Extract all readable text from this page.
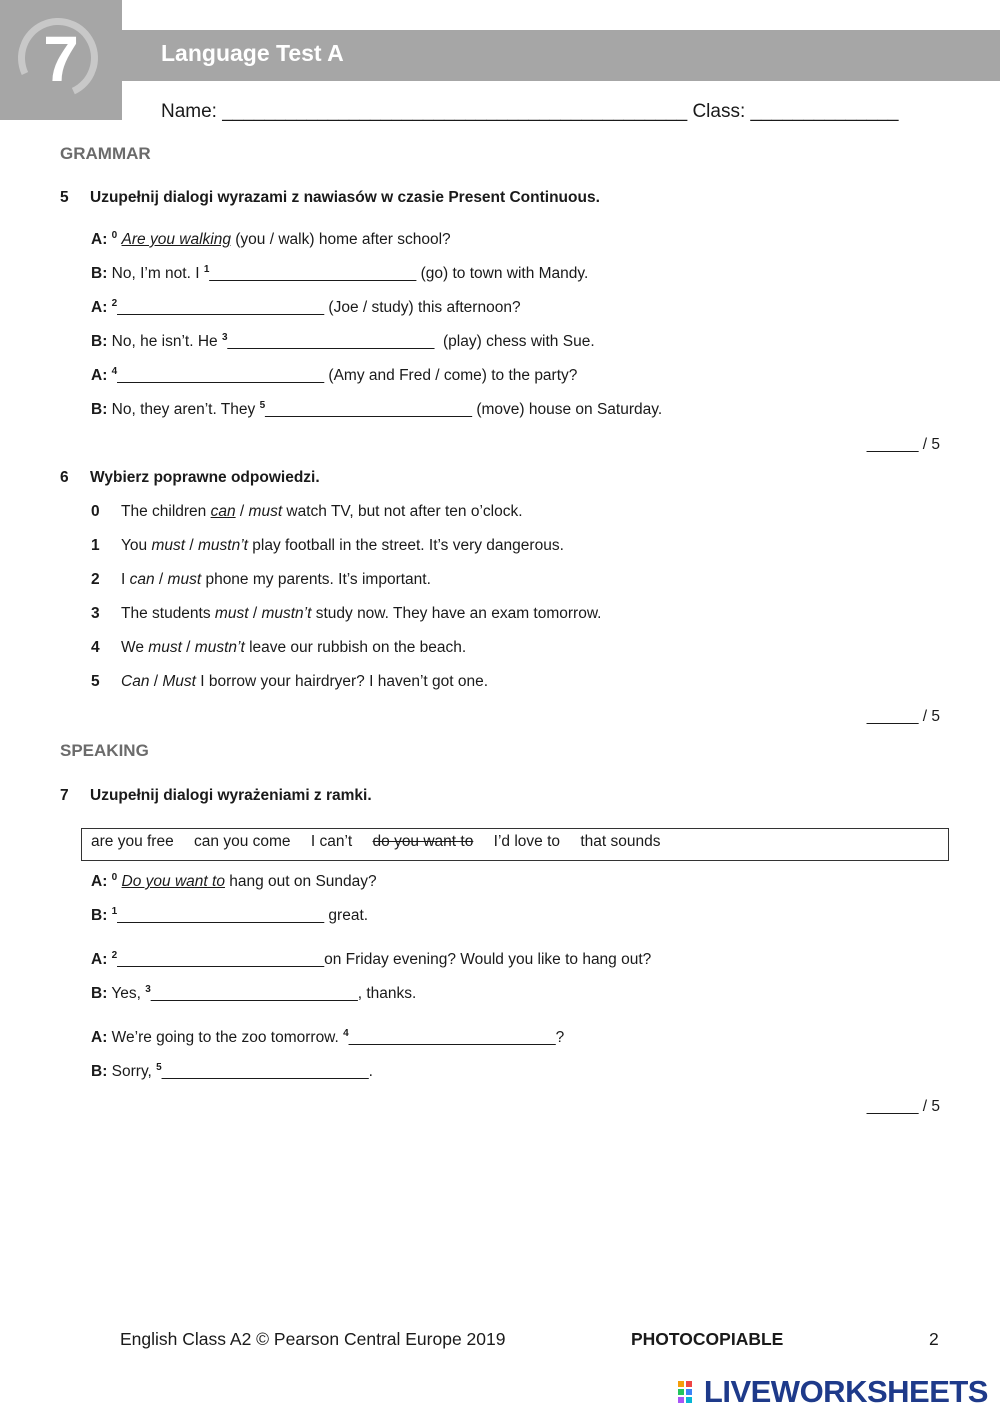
7	Language Test A
Name: ____________________________________________ Class: ______________
GRAMMAR
5 Uzupełnij dialogi wyrazami z nawiasów w czasie Present Continuous.
A: $^0$ Are you walking (you / walk) home after school?
B: No, I’m not. I $^1$________________________ (go) to town with Mandy.
A: $^2$________________________ (Joe / study) this afternoon?
B: No, he isn’t. He $^3$________________________  (play) chess with Sue.
A: $^4$________________________ (Amy and Fred / come) to the party?
B: No, they aren’t. They $^5$________________________ (move) house on Saturday.
______ / 5
6 Wybierz poprawne odpowiedzi.
0 The children can / must watch TV, but not after ten o’clock.
1 You must / mustn’t play football in the street. It’s very dangerous.
2 I can / must phone my parents. It’s important.
3 The students must / mustn’t study now. They have an exam tomorrow.
4 We must / mustn’t leave our rubbish on the beach.
5 Can / Must I borrow your hairdryer? I haven’t got one.
______ / 5
SPEAKING
7 Uzupełnij dialogi wyrażeniami z ramki.
are you free can you come I can’t do you want to I’d love to that sounds
A: $^0$ Do you want to hang out on Sunday?
B: $^1$________________________ great.
A: $^2$________________________on Friday evening? Would you like to hang out?
B: Yes, $^3$________________________, thanks.
A: We’re going to the zoo tomorrow. $^4$________________________?
B: Sorry, $^5$________________________.
______ / 5
English Class A2 © Pearson Central Europe 2019	PHOTOCOPIABLE	2
LIVEWORKSHEETS
